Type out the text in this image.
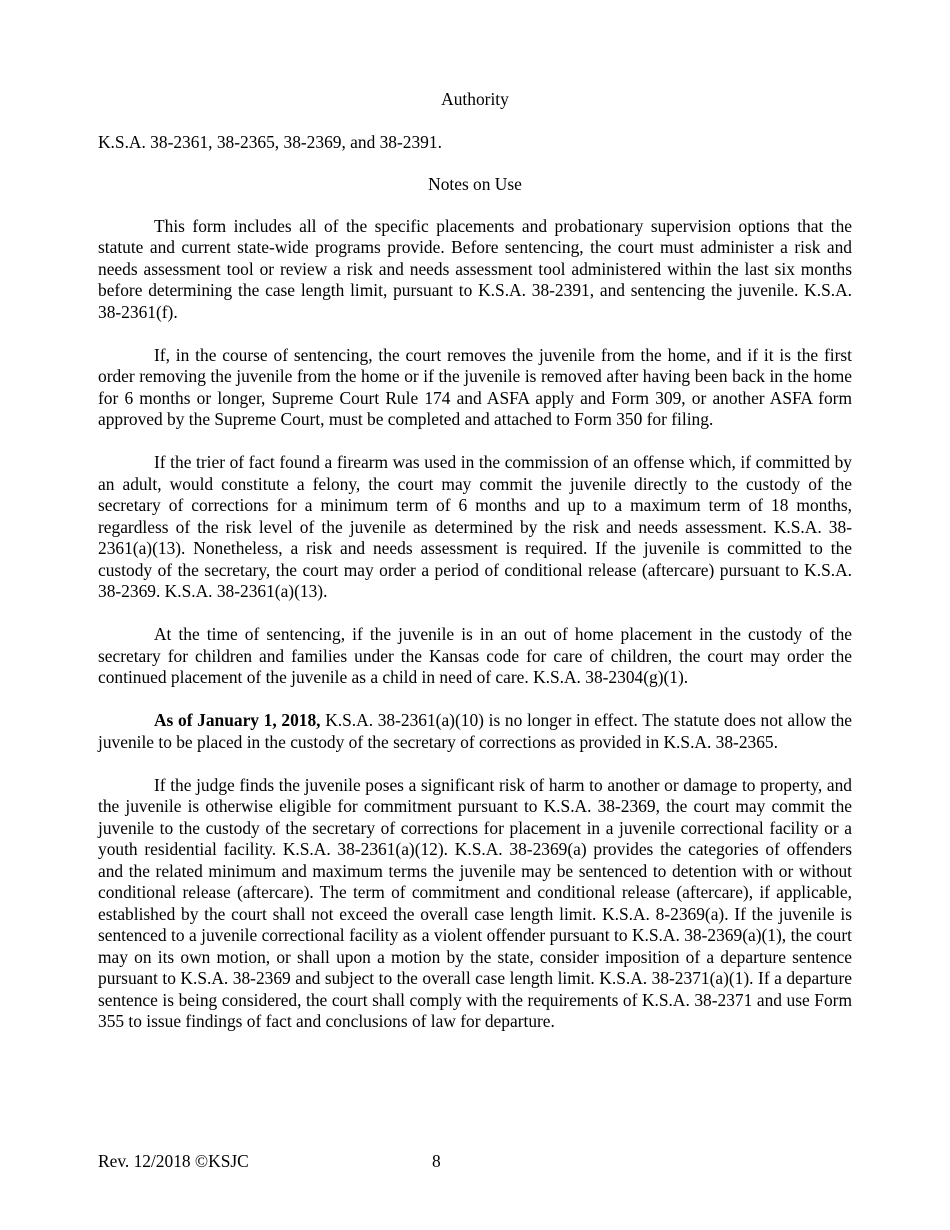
Authority

K.S.A. 38-2361, 38-2365, 38-2369, and 38-2391.

Notes on Use

This form includes all of the specific placements and probationary supervision options that the statute and current state-wide programs provide. Before sentencing, the court must administer a risk and needs assessment tool or review a risk and needs assessment tool administered within the last six months before determining the case length limit, pursuant to K.S.A. 38-2391, and sentencing the juvenile. K.S.A. 38-2361(f).

If, in the course of sentencing, the court removes the juvenile from the home, and if it is the first order removing the juvenile from the home or if the juvenile is removed after having been back in the home for 6 months or longer, Supreme Court Rule 174 and ASFA apply and Form 309, or another ASFA form approved by the Supreme Court, must be completed and attached to Form 350 for filing.

If the trier of fact found a firearm was used in the commission of an offense which, if committed by an adult, would constitute a felony, the court may commit the juvenile directly to the custody of the secretary of corrections for a minimum term of 6 months and up to a maximum term of 18 months, regardless of the risk level of the juvenile as determined by the risk and needs assessment. K.S.A. 38-2361(a)(13). Nonetheless, a risk and needs assessment is required. If the juvenile is committed to the custody of the secretary, the court may order a period of conditional release (aftercare) pursuant to K.S.A. 38-2369. K.S.A. 38-2361(a)(13).

At the time of sentencing, if the juvenile is in an out of home placement in the custody of the secretary for children and families under the Kansas code for care of children, the court may order the continued placement of the juvenile as a child in need of care. K.S.A. 38-2304(g)(1).

As of January 1, 2018, K.S.A. 38-2361(a)(10) is no longer in effect. The statute does not allow the juvenile to be placed in the custody of the secretary of corrections as provided in K.S.A. 38-2365.

If the judge finds the juvenile poses a significant risk of harm to another or damage to property, and the juvenile is otherwise eligible for commitment pursuant to K.S.A. 38-2369, the court may commit the juvenile to the custody of the secretary of corrections for placement in a juvenile correctional facility or a youth residential facility. K.S.A. 38-2361(a)(12). K.S.A. 38-2369(a) provides the categories of offenders and the related minimum and maximum terms the juvenile may be sentenced to detention with or without conditional release (aftercare). The term of commitment and conditional release (aftercare), if applicable, established by the court shall not exceed the overall case length limit. K.S.A. 8-2369(a). If the juvenile is sentenced to a juvenile correctional facility as a violent offender pursuant to K.S.A. 38-2369(a)(1), the court may on its own motion, or shall upon a motion by the state, consider imposition of a departure sentence pursuant to K.S.A. 38-2369 and subject to the overall case length limit. K.S.A. 38-2371(a)(1). If a departure sentence is being considered, the court shall comply with the requirements of K.S.A. 38-2371 and use Form 355 to issue findings of fact and conclusions of law for departure.

Rev. 12/2018 ©KSJC	8
